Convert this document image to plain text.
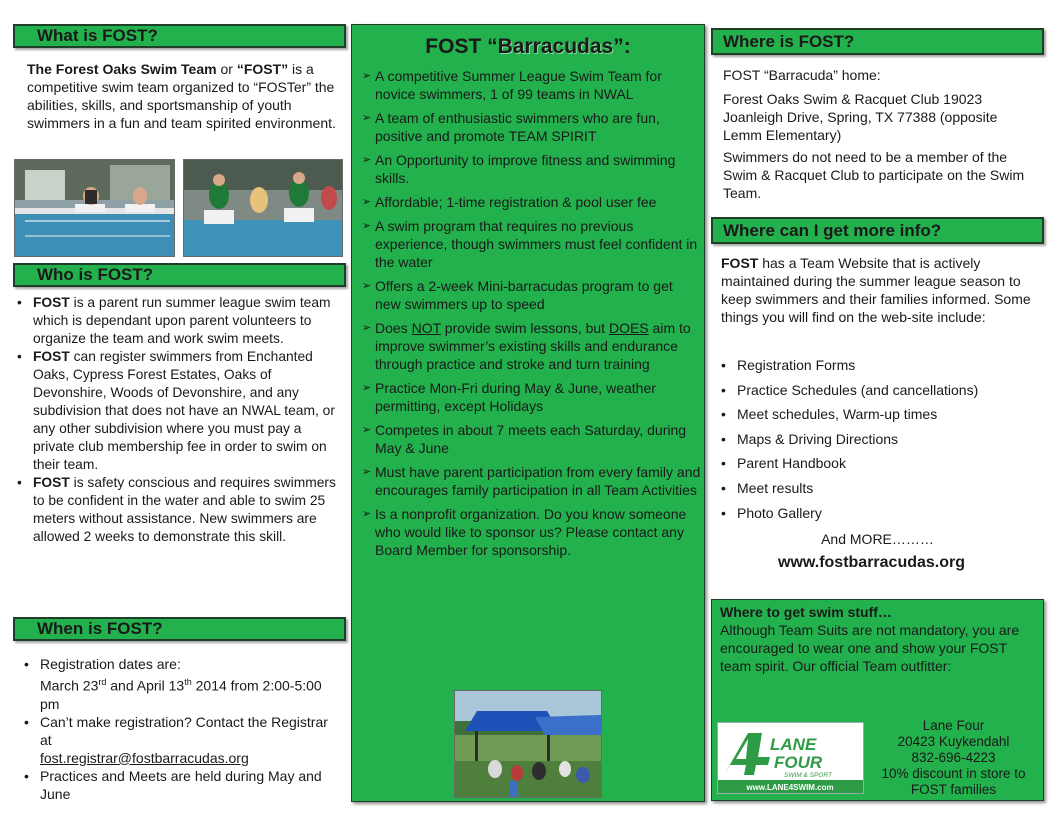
What is FOST?
The Forest Oaks Swim Team or “FOST” is a competitive swim team organized to “FOSTer” the abilities, skills, and sportsmanship of youth swimmers in a fun and team spirited environment.
Who is FOST?
• FOST is a parent run summer league swim team which is dependant upon parent volunteers to organize the team and work swim meets.
• FOST can register swimmers from Enchanted Oaks, Cypress Forest Estates, Oaks of Devonshire, Woods of Devonshire, and any subdivision that does not have an NWAL team, or any other subdivision where you must pay a private club membership fee in order to swim on their team.
• FOST is safety conscious and requires swimmers to be confident in the water and able to swim 25 meters without assistance. New swimmers are allowed 2 weeks to demonstrate this skill.
When is FOST?
• Registration dates are:
March 23rd and April 13th 2014 from 2:00-5:00 pm
• Can’t make registration? Contact the Registrar at
fost.registrar@fostbarracudas.org
• Practices and Meets are held during May and June
FOST “Barracudas”:
➢ A competitive Summer League Swim Team for novice swimmers, 1 of 99 teams in NWAL
➢ A team of enthusiastic swimmers who are fun, positive and promote TEAM SPIRIT
➢ An Opportunity to improve fitness and swimming skills.
➢ Affordable; 1-time registration & pool user fee
➢ A swim program that requires no previous experience, though swimmers must feel confident in the water
➢ Offers a 2-week Mini-barracudas program to get new swimmers up to speed
➢ Does NOT provide swim lessons, but DOES aim to improve swimmer’s existing skills and endurance through practice and stroke and turn training
➢ Practice Mon-Fri during May & June, weather permitting, except Holidays
➢ Competes in about 7 meets each Saturday, during May & June
➢ Must have parent participation from every family and encourages family participation in all Team Activities
➢ Is a nonprofit organization. Do you know someone who would like to sponsor us? Please contact any Board Member for sponsorship.
Where is FOST?

FOST “Barracuda” home:

Forest Oaks Swim & Racquet Club 19023 Joanleigh Drive, Spring, TX 77388 (opposite Lemm Elementary)

Swimmers do not need to be a member of the Swim & Racquet Club to participate on the Swim Team.

Where can I get more info?
FOST has a Team Website that is actively maintained during the summer league season to keep swimmers and their families informed. Some things you will find on the web-site include:
• Registration Forms
• Practice Schedules (and cancellations)
• Meet schedules, Warm-up times
• Maps & Driving Directions
• Parent Handbook
• Meet results
• Photo Gallery
And MORE………
www.fostbarracudas.org
Where to get swim stuff…
Although Team Suits are not mandatory, you are encouraged to wear one and show your FOST team spirit. Our official Team outfitter:
LANE
FOUR
SWIM & SPORT
www.LANE4SWIM.com
Lane Four
20423 Kuykendahl
832-696-4223
10% discount in store to FOST families
